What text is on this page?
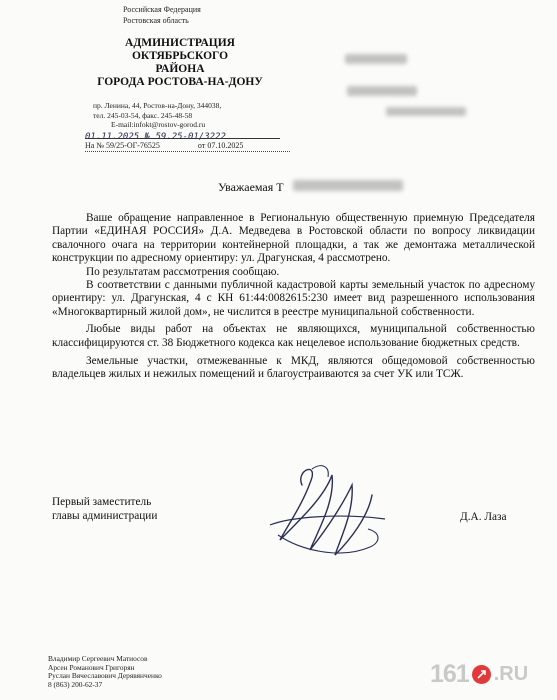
Российская Федерация
Ростовская область
АДМИНИСТРАЦИЯ
ОКТЯБРЬСКОГО
РАЙОНА
ГОРОДА РОСТОВА-НА-ДОНУ
пр. Ленина, 44, Ростов-на-Дону, 344038,
тел. 245-03-54, факс. 245-48-58
E-mail:infokt@rostov-gorod.ru
01.11.2025 № 59.25-01/3222
На № 59/25-ОГ-76525	от 07.10.2025
Уважаемая Т

Ваше обращение направленное в Региональную общественную приемную Председателя Партии «ЕДИНАЯ РОССИЯ» Д.А. Медведева в Ростовской области по вопросу ликвидации свалочного очага на территории контейнерной площадки, а так же демонтажа металлической конструкции по адресному ориентиру: ул. Драгунская, 4 рассмотрено.

По результатам рассмотрения сообщаю.

В соответствии с данными публичной кадастровой карты земельный участок по адресному ориентиру: ул. Драгунская, 4 с КН 61:44:0082615:230 имеет вид разрешенного использования «Многоквартирный жилой дом», не числится в реестре муниципальной собственности.

Любые виды работ на объектах не являющихся, муниципальной собственностью классифицируются ст. 38 Бюджетного кодекса как нецелевое использование бюджетных средств.

Земельные участки, отмежеванные к МКД, являются общедомовой собственностью владельцев жилых и нежилых помещений и благоустраиваются за счет УК или ТСЖ.

Первый заместитель
главы администрации	Д.А. Лаза
Владимир Сергеевич Матиосов
Арсен Романович Григорян
Руслан Вячеславович Дерявянченко
8 (863) 200-62-37	161 .RU
